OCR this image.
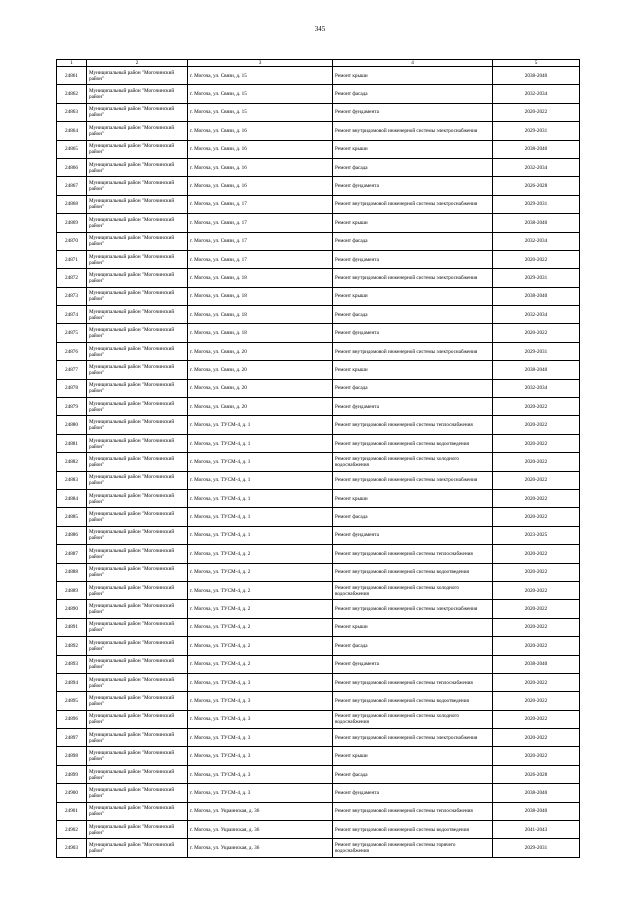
345
1	2	3	4	5
24861	Муниципальный район "Могочинский район"	г. Могоча, ул. Связи, д. 15	Ремонт крыши	2038-2040
24862	Муниципальный район "Могочинский район"	г. Могоча, ул. Связи, д. 15	Ремонт фасада	2032-2034
24863	Муниципальный район "Могочинский район"	г. Могоча, ул. Связи, д. 15	Ремонт фундамента	2020-2022
24864	Муниципальный район "Могочинский район"	г. Могоча, ул. Связи, д. 16	Ремонт внутридомовой инженерной системы электроснабжения	2029-2031
24865	Муниципальный район "Могочинский район"	г. Могоча, ул. Связи, д. 16	Ремонт крыши	2038-2040
24866	Муниципальный район "Могочинский район"	г. Могоча, ул. Связи, д. 16	Ремонт фасада	2032-2034
24867	Муниципальный район "Могочинский район"	г. Могоча, ул. Связи, д. 16	Ремонт фундамента	2026-2028
24868	Муниципальный район "Могочинский район"	г. Могоча, ул. Связи, д. 17	Ремонт внутридомовой инженерной системы электроснабжения	2029-2031
24869	Муниципальный район "Могочинский район"	г. Могоча, ул. Связи, д. 17	Ремонт крыши	2038-2040
24870	Муниципальный район "Могочинский район"	г. Могоча, ул. Связи, д. 17	Ремонт фасада	2032-2034
24871	Муниципальный район "Могочинский район"	г. Могоча, ул. Связи, д. 17	Ремонт фундамента	2020-2022
24872	Муниципальный район "Могочинский район"	г. Могоча, ул. Связи, д. 18	Ремонт внутридомовой инженерной системы электроснабжения	2029-2031
24873	Муниципальный район "Могочинский район"	г. Могоча, ул. Связи, д. 18	Ремонт крыши	2038-2040
24874	Муниципальный район "Могочинский район"	г. Могоча, ул. Связи, д. 18	Ремонт фасада	2032-2034
24875	Муниципальный район "Могочинский район"	г. Могоча, ул. Связи, д. 18	Ремонт фундамента	2020-2022
24876	Муниципальный район "Могочинский район"	г. Могоча, ул. Связи, д. 20	Ремонт внутридомовой инженерной системы электроснабжения	2029-2031
24877	Муниципальный район "Могочинский район"	г. Могоча, ул. Связи, д. 20	Ремонт крыши	2038-2040
24878	Муниципальный район "Могочинский район"	г. Могоча, ул. Связи, д. 20	Ремонт фасада	2032-2034
24879	Муниципальный район "Могочинский район"	г. Могоча, ул. Связи, д. 20	Ремонт фундамента	2020-2022
24880	Муниципальный район "Могочинский район"	г. Могоча, ул. ТУСМ-4, д. 1	Ремонт внутридомовой инженерной системы теплоснабжения	2020-2022
24881	Муниципальный район "Могочинский район"	г. Могоча, ул. ТУСМ-4, д. 1	Ремонт внутридомовой инженерной системы водоотведения	2020-2022
24882	Муниципальный район "Могочинский район"	г. Могоча, ул. ТУСМ-4, д. 1	Ремонт внутридомовой инженерной системы холодного водоснабжения	2020-2022
24883	Муниципальный район "Могочинский район"	г. Могоча, ул. ТУСМ-4, д. 1	Ремонт внутридомовой инженерной системы электроснабжения	2020-2022
24884	Муниципальный район "Могочинский район"	г. Могоча, ул. ТУСМ-4, д. 1	Ремонт крыши	2020-2022
24885	Муниципальный район "Могочинский район"	г. Могоча, ул. ТУСМ-4, д. 1	Ремонт фасада	2020-2022
24886	Муниципальный район "Могочинский район"	г. Могоча, ул. ТУСМ-4, д. 1	Ремонт фундамента	2023-2025
24887	Муниципальный район "Могочинский район"	г. Могоча, ул. ТУСМ-4, д. 2	Ремонт внутридомовой инженерной системы теплоснабжения	2020-2022
24888	Муниципальный район "Могочинский район"	г. Могоча, ул. ТУСМ-4, д. 2	Ремонт внутридомовой инженерной системы водоотведения	2020-2022
24889	Муниципальный район "Могочинский район"	г. Могоча, ул. ТУСМ-4, д. 2	Ремонт внутридомовой инженерной системы холодного водоснабжения	2020-2022
24890	Муниципальный район "Могочинский район"	г. Могоча, ул. ТУСМ-4, д. 2	Ремонт внутридомовой инженерной системы электроснабжения	2020-2022
24891	Муниципальный район "Могочинский район"	г. Могоча, ул. ТУСМ-4, д. 2	Ремонт крыши	2020-2022
24892	Муниципальный район "Могочинский район"	г. Могоча, ул. ТУСМ-4, д. 2	Ремонт фасада	2020-2022
24893	Муниципальный район "Могочинский район"	г. Могоча, ул. ТУСМ-4, д. 2	Ремонт фундамента	2038-2040
24894	Муниципальный район "Могочинский район"	г. Могоча, ул. ТУСМ-4, д. 3	Ремонт внутридомовой инженерной системы теплоснабжения	2020-2022
24895	Муниципальный район "Могочинский район"	г. Могоча, ул. ТУСМ-4, д. 3	Ремонт внутридомовой инженерной системы водоотведения	2020-2022
24896	Муниципальный район "Могочинский район"	г. Могоча, ул. ТУСМ-4, д. 3	Ремонт внутридомовой инженерной системы холодного водоснабжения	2020-2022
24897	Муниципальный район "Могочинский район"	г. Могоча, ул. ТУСМ-4, д. 3	Ремонт внутридомовой инженерной системы электроснабжения	2020-2022
24898	Муниципальный район "Могочинский район"	г. Могоча, ул. ТУСМ-4, д. 3	Ремонт крыши	2020-2022
24899	Муниципальный район "Могочинский район"	г. Могоча, ул. ТУСМ-4, д. 3	Ремонт фасада	2026-2028
24900	Муниципальный район "Могочинский район"	г. Могоча, ул. ТУСМ-4, д. 3	Ремонт фундамента	2038-2040
24901	Муниципальный район "Могочинский район"	г. Могоча, ул. Украинская, д. 36	Ремонт внутридомовой инженерной системы теплоснабжения	2038-2040
24902	Муниципальный район "Могочинский район"	г. Могоча, ул. Украинская, д. 36	Ремонт внутридомовой инженерной системы водоотведения	2041-2043
24903	Муниципальный район "Могочинский район"	г. Могоча, ул. Украинская, д. 36	Ремонт внутридомовой инженерной системы горячего водоснабжения	2029-2031
